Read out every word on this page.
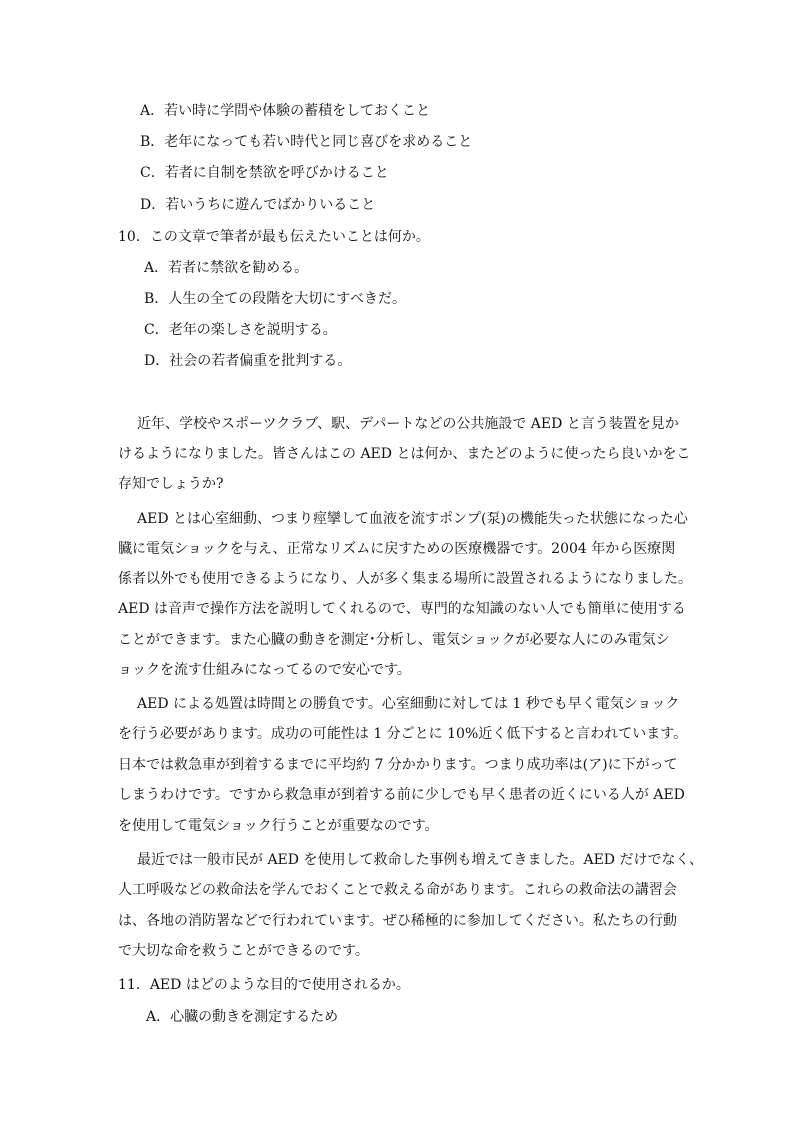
A．若い時に学問や体験の蓄積をしておくこと
B．老年になっても若い時代と同じ喜びを求めること
C．若者に自制を禁欲を呼びかけること
D．若いうちに遊んでばかりいること
10．この文章で筆者が最も伝えたいことは何か。
A．若者に禁欲を勧める。
B．人生の全ての段階を大切にすべきだ。
C．老年の楽しさを説明する。
D．社会の若者偏重を批判する。
近年、学校やスポーツクラブ、駅、デパートなどの公共施設で AED と言う装置を見か
けるようになりました。皆さんはこの AED とは何か、またどのように使ったら良いかをこ
存知でしょうか?
AED とは心室細動、つまり痙攣して血液を流すポンプ(泵)の機能失った状態になった心
臓に電気ショックを与え、正常なリズムに戻すための医療機器です。2004 年から医療関
係者以外でも使用できるようになり、人が多く集まる場所に設置されるようになりました。
AED は音声で操作方法を説明してくれるので、専門的な知識のない人でも簡単に使用する
ことができます。また心臓の動きを測定･分析し、電気ショックが必要な人にのみ電気シ
ョックを流す仕組みになってるので安心です。
AED による処置は時間との勝負です。心室細動に対しては 1 秒でも早く電気ショック
を行う必要があります。成功の可能性は 1 分ごとに 10%近く低下すると言われています。
日本では救急車が到着するまでに平均約 7 分かかります。つまり成功率は(ア)に下がって
しまうわけです。ですから救急車が到着する前に少しでも早く患者の近くにいる人が AED
を使用して電気ショック行うことが重要なのです。
最近では一般市民が AED を使用して救命した事例も増えてきました。AED だけでなく、
人工呼吸などの救命法を学んでおくことで救える命があります。これらの救命法の講習会
は、各地の消防署などで行われています。ぜひ稀極的に参加してください。私たちの行動
で大切な命を救うことができるのです。
11．AED はどのような目的で使用されるか。
A．心臓の動きを測定するため
